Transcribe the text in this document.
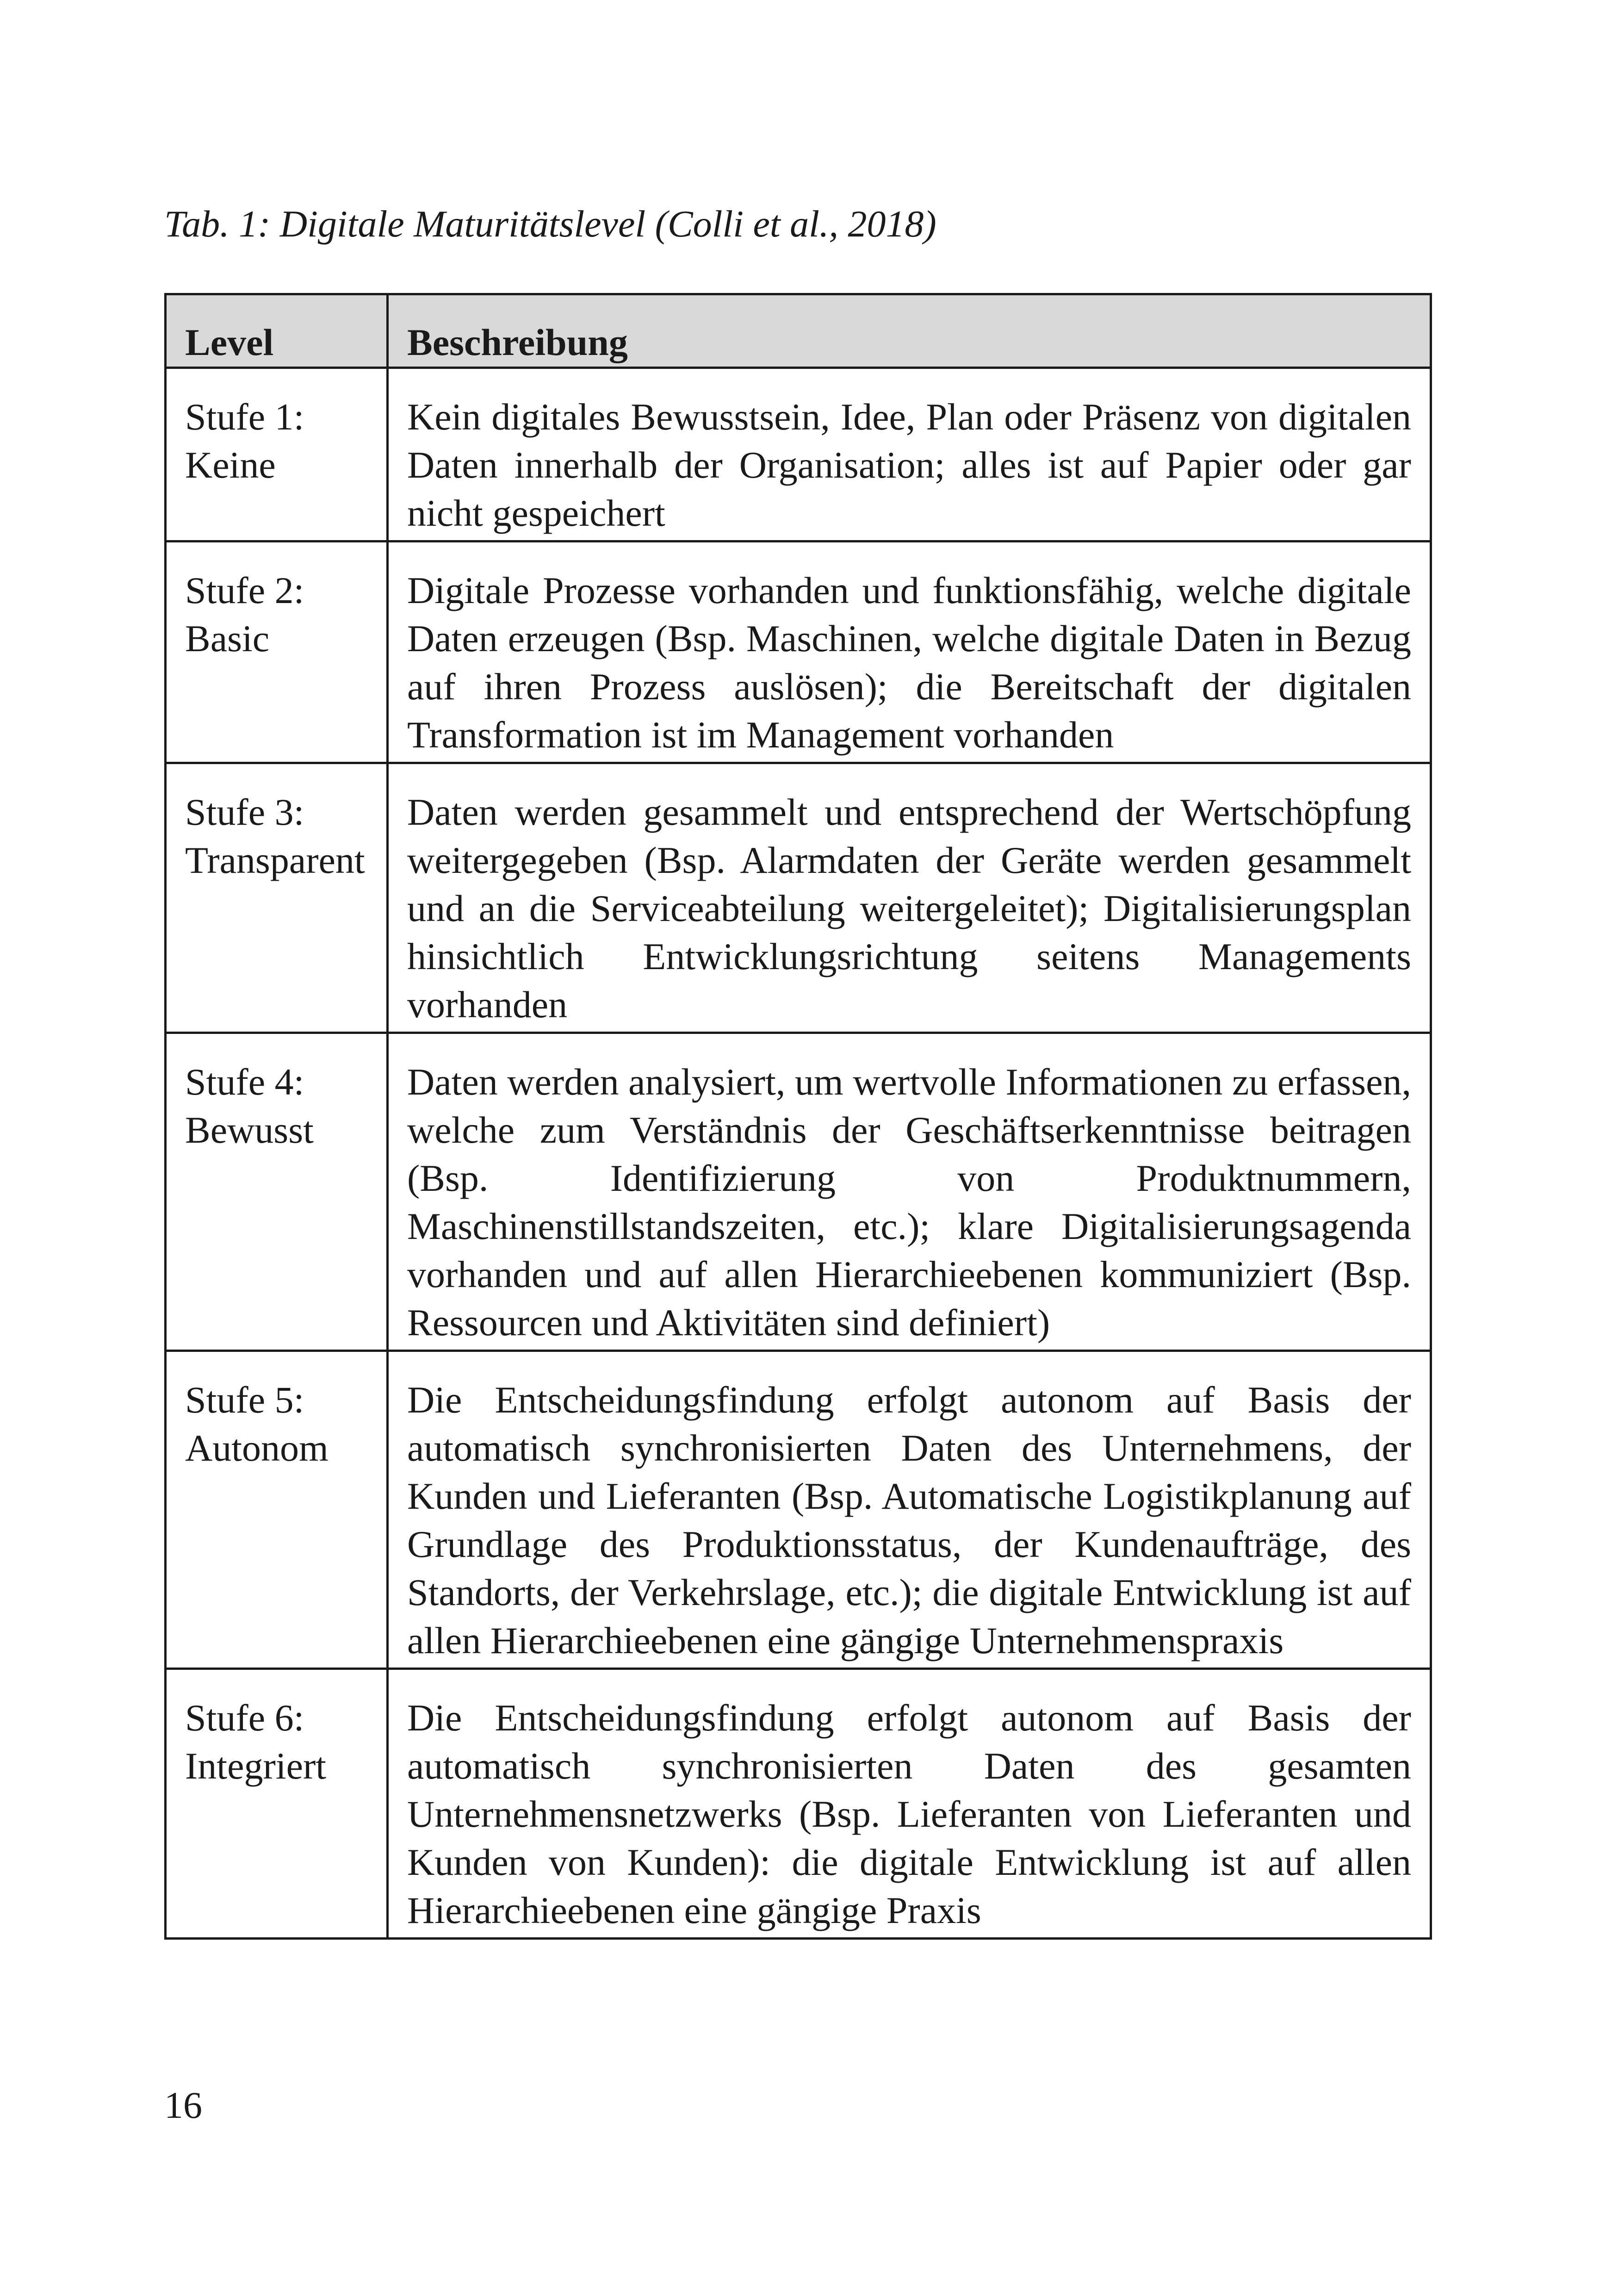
Tab. 1: Digitale Maturitätslevel (Colli et al., 2018)
Level	Beschreibung

Stufe 1:
Keine	Kein digitales Bewusstsein, Idee, Plan oder Präsenz von digitalen Daten innerhalb der Organisation; alles ist auf Papier oder gar nicht gespeichert

Stufe 2:
Basic	Digitale Prozesse vorhanden und funktionsfähig, welche digitale Daten erzeugen (Bsp. Maschinen, welche digitale Daten in Bezug auf ihren Prozess auslösen); die Bereitschaft der digitalen Transformation ist im Management vorhanden

Stufe 3:
Transparent	Daten werden gesammelt und entsprechend der Wertschöpfung weitergegeben (Bsp. Alarmdaten der Geräte werden gesammelt und an die Serviceabteilung weitergeleitet); Digitalisierungsplan hinsichtlich Entwicklungsrichtung seitens Managements vorhanden

Stufe 4:
Bewusst	Daten werden analysiert, um wertvolle Informationen zu erfassen, welche zum Verständnis der Geschäftserkenntnisse beitragen (Bsp. Identifizierung von Produktnummern, Maschinenstillstandszeiten, etc.); klare Digitalisierungsagenda vorhanden und auf allen Hierarchieebenen kommuniziert (Bsp. Ressourcen und Aktivitäten sind definiert)

Stufe 5:
Autonom	Die Entscheidungsfindung erfolgt autonom auf Basis der automatisch synchronisierten Daten des Unternehmens, der Kunden und Lieferanten (Bsp. Automatische Logistikplanung auf Grundlage des Produktionsstatus, der Kundenaufträge, des Standorts, der Verkehrslage, etc.); die digitale Entwicklung ist auf allen Hierarchieebenen eine gängige Unternehmenspraxis

Stufe 6:
Integriert	Die Entscheidungsfindung erfolgt autonom auf Basis der automatisch synchronisierten Daten des gesamten Unternehmensnetzwerks (Bsp. Lieferanten von Lieferanten und Kunden von Kunden): die digitale Entwicklung ist auf allen Hierarchieebenen eine gängige Praxis
16
